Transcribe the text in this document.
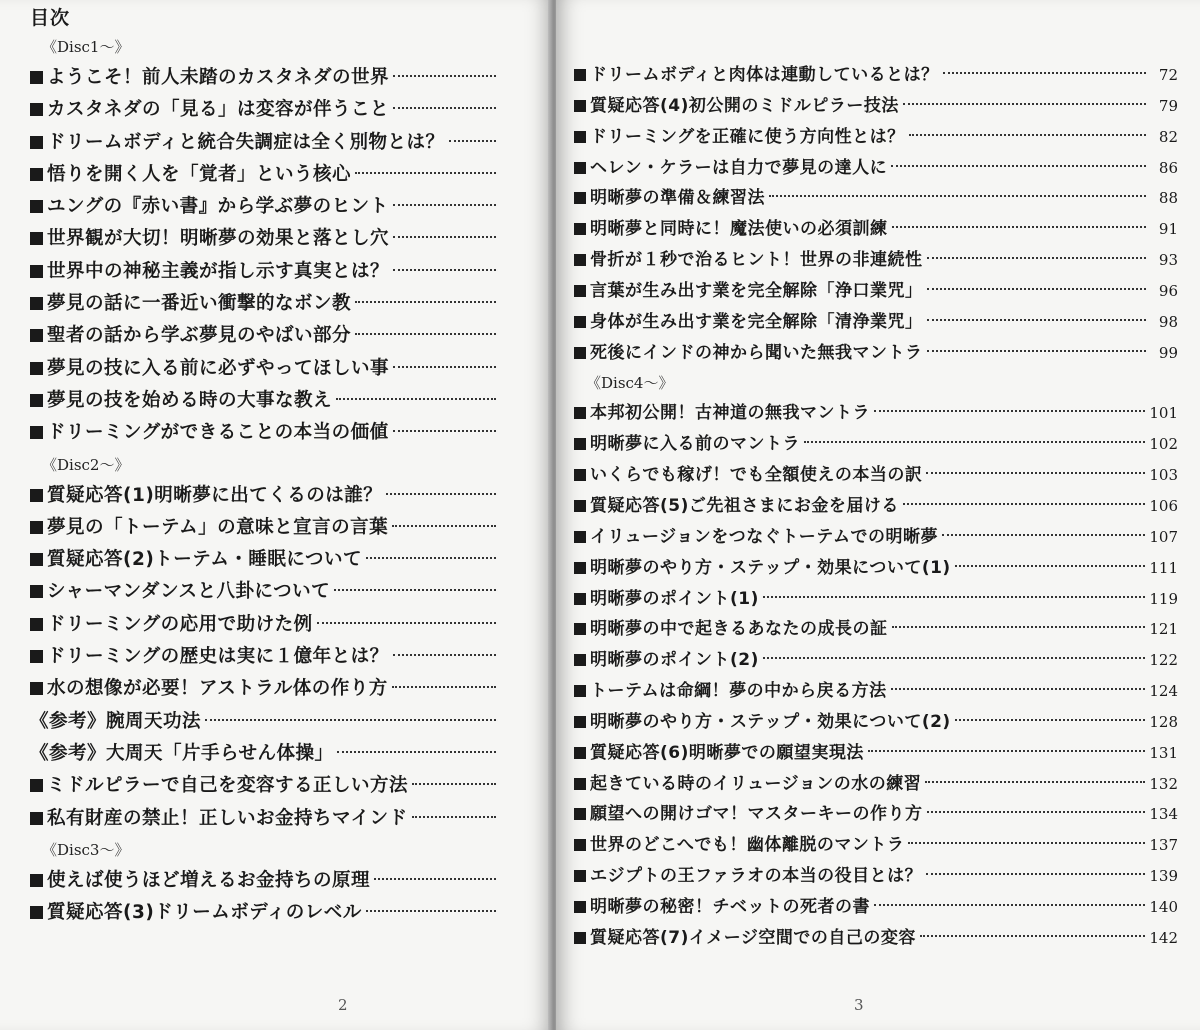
目次
《Disc1～》
ようこそ！前人未踏のカスタネダの世界
カスタネダの「見る」は変容が伴うこと
ドリームボディと統合失調症は全く別物とは？
悟りを開く人を「覚者」という核心
ユングの『赤い書』から学ぶ夢のヒント
世界観が大切！明晰夢の効果と落とし穴
世界中の神秘主義が指し示す真実とは？
夢見の話に一番近い衝撃的なボン教
聖者の話から学ぶ夢見のやばい部分
夢見の技に入る前に必ずやってほしい事
夢見の技を始める時の大事な教え
ドリーミングができることの本当の価値
《Disc2～》
質疑応答(1)明晰夢に出てくるのは誰？
夢見の「トーテム」の意味と宣言の言葉
質疑応答(2)トーテム・睡眠について
シャーマンダンスと八卦について
ドリーミングの応用で助けた例
ドリーミングの歴史は実に１億年とは？
水の想像が必要！アストラル体の作り方
《参考》腕周天功法
《参考》大周天「片手らせん体操」
ミドルピラーで自己を変容する正しい方法
私有財産の禁止！正しいお金持ちマインド
《Disc3～》
使えば使うほど増えるお金持ちの原理
質疑応答(3)ドリームボディのレベル
2
ドリームボディと肉体は連動しているとは？	72
質疑応答(4)初公開のミドルピラー技法	79
ドリーミングを正確に使う方向性とは？	82
ヘレン・ケラーは自力で夢見の達人に	86
明晰夢の準備＆練習法	88
明晰夢と同時に！魔法使いの必須訓練	91
骨折が１秒で治るヒント！世界の非連続性	93
言葉が生み出す業を完全解除「浄口業咒」	96
身体が生み出す業を完全解除「清浄業咒」	98
死後にインドの神から聞いた無我マントラ	99
《Disc4～》
本邦初公開！古神道の無我マントラ	101
明晰夢に入る前のマントラ	102
いくらでも稼げ！でも全額使えの本当の訳	103
質疑応答(5)ご先祖さまにお金を届ける	106
イリュージョンをつなぐトーテムでの明晰夢	107
明晰夢のやり方・ステップ・効果について(1)	111
明晰夢のポイント(1)	119
明晰夢の中で起きるあなたの成長の証	121
明晰夢のポイント(2)	122
トーテムは命綱！夢の中から戻る方法	124
明晰夢のやり方・ステップ・効果について(2)	128
質疑応答(6)明晰夢での願望実現法	131
起きている時のイリュージョンの水の練習	132
願望への開けゴマ！マスターキーの作り方	134
世界のどこへでも！幽体離脱のマントラ	137
エジプトの王ファラオの本当の役目とは？	139
明晰夢の秘密！チベットの死者の書	140
質疑応答(7)イメージ空間での自己の変容	142
3
